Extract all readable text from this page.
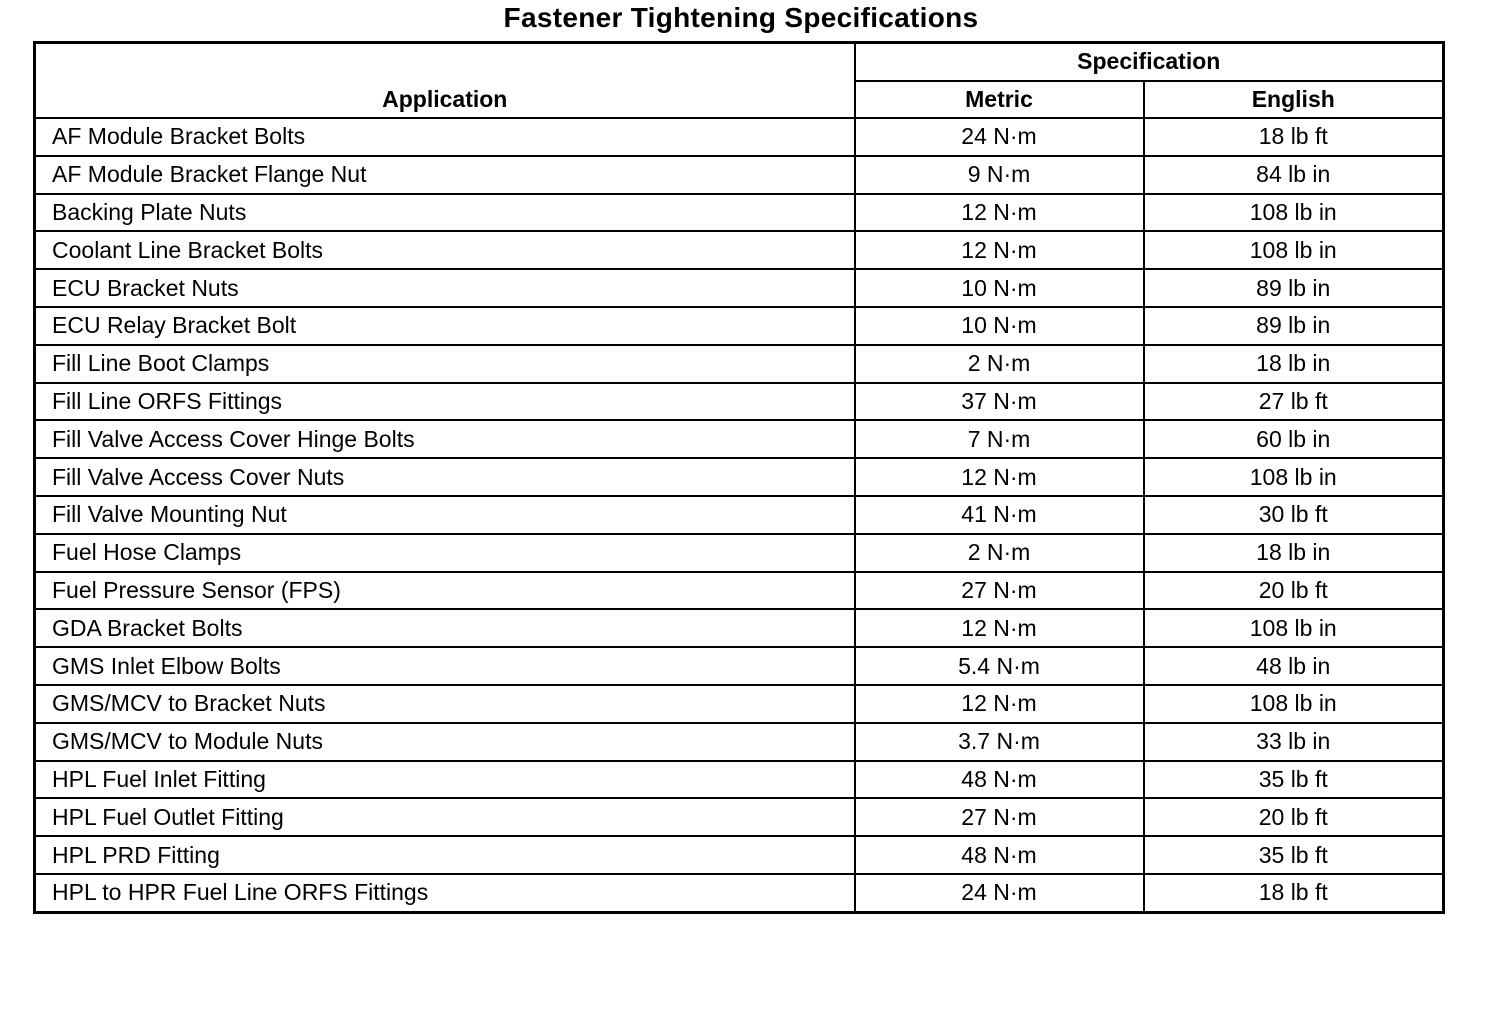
Fastener Tightening Specifications
Application	Specification	
	Metric	English
AF Module Bracket Bolts	24 N·m	18 lb ft
AF Module Bracket Flange Nut	9 N·m	84 lb in
Backing Plate Nuts	12 N·m	108 lb in
Coolant Line Bracket Bolts	12 N·m	108 lb in
ECU Bracket Nuts	10 N·m	89 lb in
ECU Relay Bracket Bolt	10 N·m	89 lb in
Fill Line Boot Clamps	2 N·m	18 lb in
Fill Line ORFS Fittings	37 N·m	27 lb ft
Fill Valve Access Cover Hinge Bolts	7 N·m	60 lb in
Fill Valve Access Cover Nuts	12 N·m	108 lb in
Fill Valve Mounting Nut	41 N·m	30 lb ft
Fuel Hose Clamps	2 N·m	18 lb in
Fuel Pressure Sensor (FPS)	27 N·m	20 lb ft
GDA Bracket Bolts	12 N·m	108 lb in
GMS Inlet Elbow Bolts	5.4 N·m	48 lb in
GMS/MCV to Bracket Nuts	12 N·m	108 lb in
GMS/MCV to Module Nuts	3.7 N·m	33 lb in
HPL Fuel Inlet Fitting	48 N·m	35 lb ft
HPL Fuel Outlet Fitting	27 N·m	20 lb ft
HPL PRD Fitting	48 N·m	35 lb ft
HPL to HPR Fuel Line ORFS Fittings	24 N·m	18 lb ft
